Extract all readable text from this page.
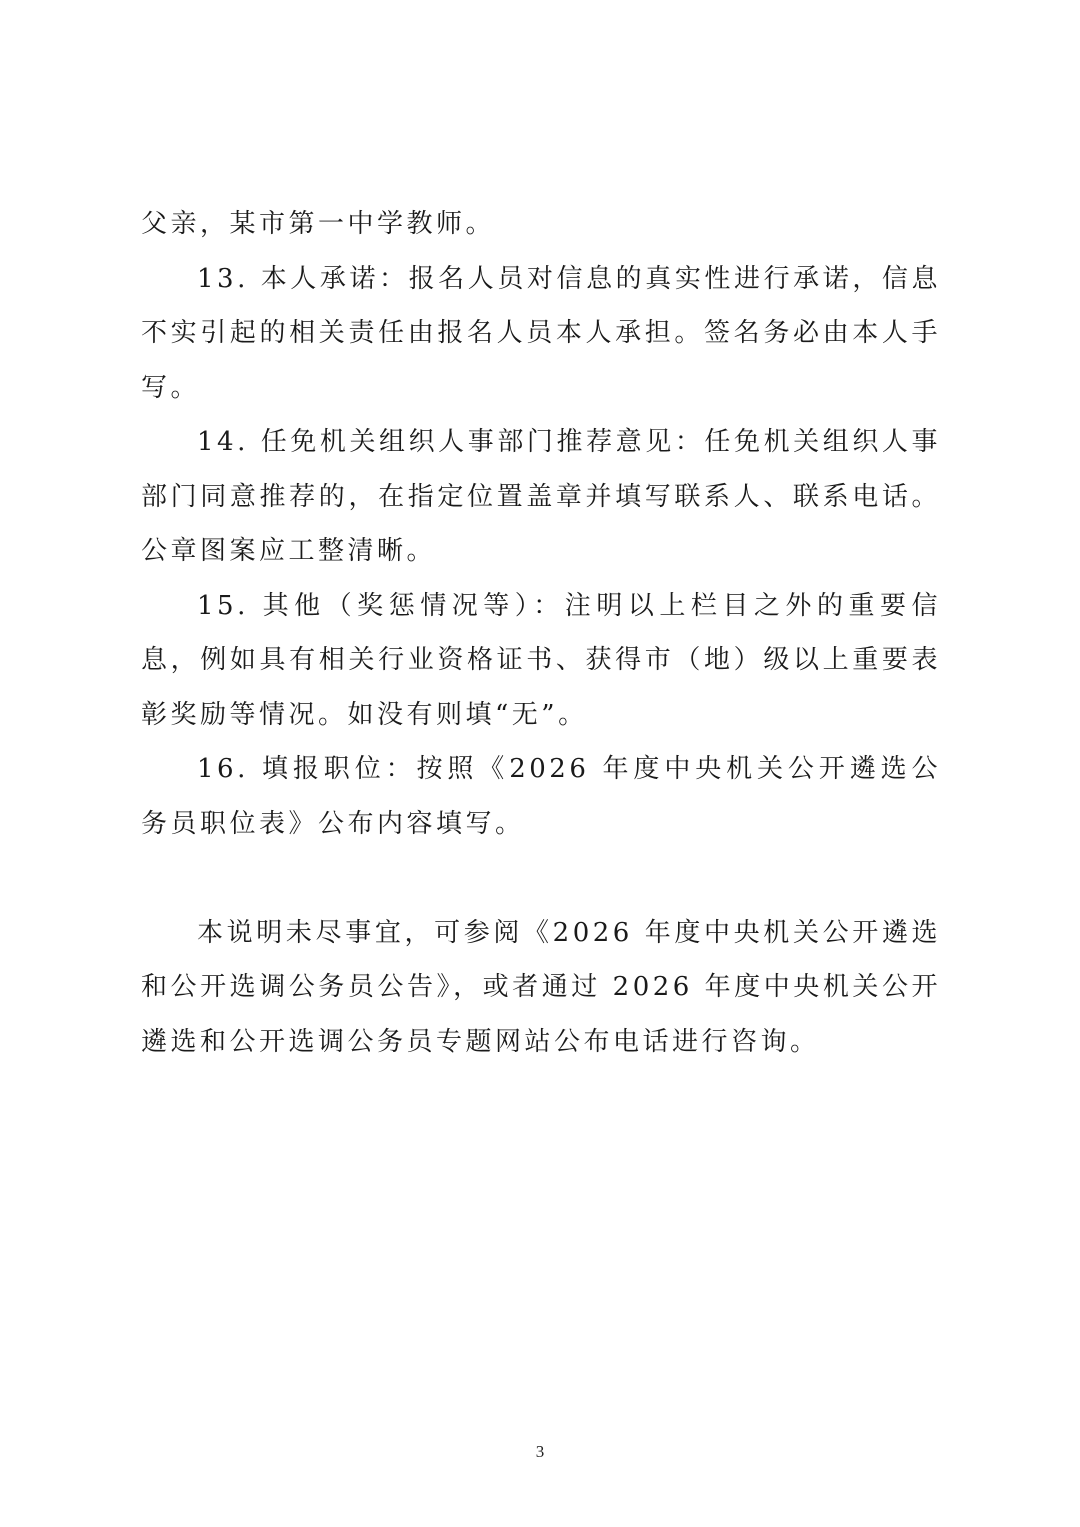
父亲，某市第一中学教师。

13. 本人承诺：报名人员对信息的真实性进行承诺，信息不实引起的相关责任由报名人员本人承担。签名务必由本人手写。

14. 任免机关组织人事部门推荐意见：任免机关组织人事部门同意推荐的，在指定位置盖章并填写联系人、联系电话。公章图案应工整清晰。

15. 其他（奖惩情况等）：注明以上栏目之外的重要信息，例如具有相关行业资格证书、获得市（地）级以上重要表彰奖励等情况。如没有则填“无”。

16. 填报职位：按照《2026 年度中央机关公开遴选公务员职位表》公布内容填写。

本说明未尽事宜，可参阅《2026 年度中央机关公开遴选和公开选调公务员公告》，或者通过 2026 年度中央机关公开遴选和公开选调公务员专题网站公布电话进行咨询。

3
